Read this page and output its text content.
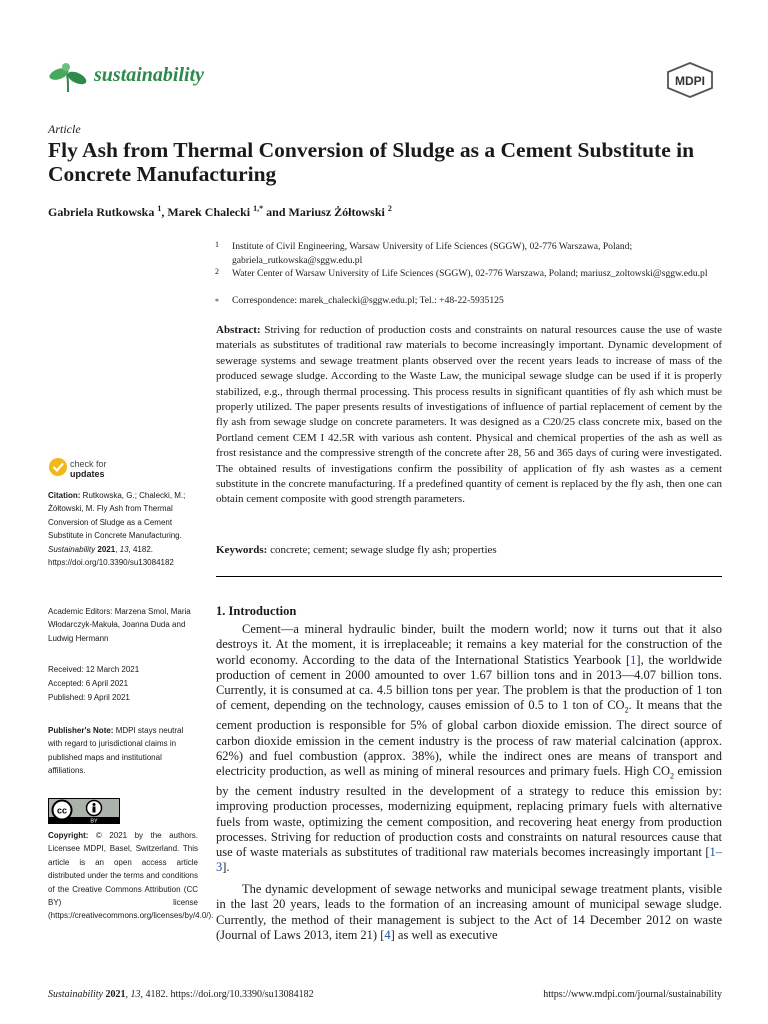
sustainability	MDPI
Article
Fly Ash from Thermal Conversion of Sludge as a Cement Substitute in Concrete Manufacturing
Gabriela Rutkowska $^1$, Marek Chalecki $^{1,*}$ and Mariusz Żółtowski $^2$
1 Institute of Civil Engineering, Warsaw University of Life Sciences (SGGW), 02-776 Warszawa, Poland; gabriela_rutkowska@sggw.edu.pl
2 Water Center of Warsaw University of Life Sciences (SGGW), 02-776 Warszawa, Poland; mariusz_zoltowski@sggw.edu.pl
* Correspondence: marek_chalecki@sggw.edu.pl; Tel.: +48-22-5935125

Abstract: Striving for reduction of production costs and constraints on natural resources cause the use of waste materials as substitutes of traditional raw materials to become increasingly important. Dynamic development of sewerage systems and sewage treatment plants observed over the recent years leads to increase of mass of the produced sewage sludge. According to the Waste Law, the municipal sewage sludge can be used if it is properly stabilized, e.g., through thermal processing. This process results in significant quantities of fly ash which must be properly utilized. The paper presents results of investigations of influence of partial replacement of cement by the fly ash from sewage sludge on concrete parameters. It was designed as a C20/25 class concrete mix, based on the Portland cement CEM I 42.5R with various ash content. Physical and chemical properties of the ash as well as frost resistance and the compressive strength of the concrete after 28, 56 and 365 days of curing were investigated. The obtained results of investigations confirm the possibility of application of fly ash wastes as a cement substitute in the concrete manufacturing. If a predefined quantity of cement is replaced by the fly ash, then one can obtain cement composite with good strength parameters.

Keywords: concrete; cement; sewage sludge fly ash; properties
check for
updates
Citation: Rutkowska, G.; Chalecki, M.; Żółtowski, M. Fly Ash from Thermal Conversion of Sludge as a Cement Substitute in Concrete Manufacturing. Sustainability 2021, 13, 4182. https://doi.org/10.3390/su13084182
Academic Editors: Marzena Smol, Maria Włodarczyk-Makuła, Joanna Duda and Ludwig Hermann
Received: 12 March 2021
Accepted: 6 April 2021
Published: 9 April 2021
Publisher's Note: MDPI stays neutral with regard to jurisdictional claims in published maps and institutional affiliations.
cc
BY
Copyright: © 2021 by the authors. Licensee MDPI, Basel, Switzerland. This article is an open access article distributed under the terms and conditions of the Creative Commons Attribution (CC BY) license (https://creativecommons.org/licenses/by/4.0/).
1. Introduction

Cement—a mineral hydraulic binder, built the modern world; now it turns out that it also destroys it. At the moment, it is irreplaceable; it remains a key material for the construction of the world economy. According to the data of the International Statistics Yearbook [1], the worldwide production of cement in 2000 amounted to over 1.67 billion tons and in 2013—4.07 billion tons. Currently, it is consumed at ca. 4.5 billion tons per year. The problem is that the production of 1 ton of cement, depending on the technology, causes emission of 0.5 to 1 ton of $CO_2$. It means that the cement production is responsible for 5% of global carbon dioxide emission. The direct source of carbon dioxide emission in the cement industry is the process of raw material calcination (approx. 62%) and fuel combustion (approx. 38%), while the indirect ones are means of transport and electricity production, as well as mining of mineral resources and primary fuels. High $CO_2$ emission by the cement industry resulted in the development of a strategy to reduce this emission by: improving production processes, modernizing equipment, replacing primary fuels with alternative fuels from waste, optimizing the cement composition, and recovering heat energy from production processes. Striving for reduction of production costs and constraints on natural resources cause that use of waste materials as substitutes of traditional raw materials becomes increasingly important [1–3].

The dynamic development of sewage networks and municipal sewage treatment plants, visible in the last 20 years, leads to the formation of an increasing amount of municipal sewage sludge. Currently, the method of their management is subject to the Act of 14 December 2012 on waste (Journal of Laws 2013, item 21) [4] as well as executive

Sustainability 2021, 13, 4182. https://doi.org/10.3390/su13084182	https://www.mdpi.com/journal/sustainability
